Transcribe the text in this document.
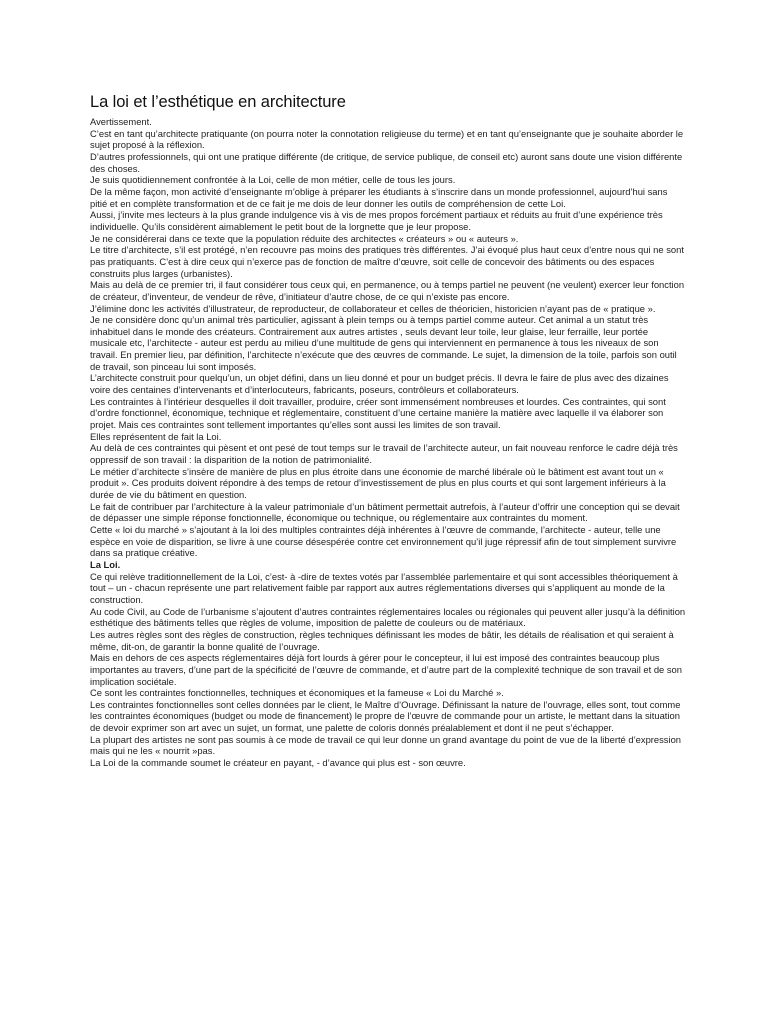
La loi et l’esthétique en architecture

Avertissement.

C’est en tant qu’architecte pratiquante (on pourra noter la connotation religieuse du terme) et en tant qu’enseignante que je souhaite aborder le sujet proposé à la réflexion.

D’autres professionnels, qui ont une pratique différente (de critique, de service publique, de conseil etc) auront sans doute une vision différente des choses.

Je suis quotidiennement confrontée à la Loi, celle de mon métier, celle de tous les jours.

De la même façon, mon activité d’enseignante m’oblige à préparer les étudiants à s’inscrire dans un monde professionnel, aujourd’hui sans pitié et en complète transformation et de ce fait je me dois de leur donner les outils de compréhension de cette Loi.

Aussi, j’invite mes lecteurs à la plus grande indulgence vis à vis de mes propos forcément partiaux et réduits au fruit d’une expérience très individuelle. Qu’ils considèrent aimablement le petit bout de la lorgnette que je leur propose.

Je ne considérerai dans ce texte que la population réduite des architectes « créateurs » ou « auteurs ».

Le titre d’architecte, s’il est protégé, n’en recouvre pas moins des pratiques très différentes. J’ai évoqué plus haut ceux d’entre nous qui ne sont pas pratiquants. C’est à dire ceux qui n’exerce pas de fonction de maître d’œuvre, soit celle de concevoir des bâtiments ou des espaces construits plus larges (urbanistes).

Mais au delà de ce premier tri, il faut considérer tous ceux qui, en permanence, ou à temps partiel ne peuvent (ne veulent) exercer leur fonction de créateur, d’inventeur, de vendeur de rêve, d’initiateur d’autre chose, de ce qui n’existe pas encore.

J’élimine donc les activités d’illustrateur, de reproducteur, de collaborateur et celles de théoricien, historicien n’ayant pas de « pratique ».

Je ne considère donc qu’un animal très particulier, agissant à plein temps ou à temps partiel comme auteur. Cet animal a un statut très inhabituel dans le monde des créateurs. Contrairement aux autres artistes , seuls devant leur toile, leur glaise, leur ferraille, leur portée musicale etc, l’architecte - auteur est perdu au milieu d’une multitude de gens qui interviennent en permanence à tous les niveaux de son travail. En premier lieu, par définition, l’architecte n’exécute que des œuvres de commande. Le sujet, la dimension de la toile, parfois son outil de travail, son pinceau lui sont imposés.

L’architecte construit pour quelqu’un, un objet défini, dans un lieu donné et pour un budget précis. Il devra le faire de plus avec des dizaines voire des centaines d’intervenants et d’interlocuteurs, fabricants, poseurs, contrôleurs et collaborateurs.

Les contraintes à l’intérieur desquelles il doit travailler, produire, créer sont immensément nombreuses et lourdes. Ces contraintes, qui sont d’ordre fonctionnel, économique, technique et réglementaire, constituent d’une certaine manière la matière avec laquelle il va élaborer son projet. Mais ces contraintes sont tellement importantes qu’elles sont aussi les limites de son travail.

Elles représentent de fait la Loi.

Au delà de ces contraintes qui pèsent et ont pesé de tout temps sur le travail de l’architecte auteur, un fait nouveau renforce le cadre déjà très oppressif de son travail : la disparition de la notion de patrimonialité.

Le métier d’architecte s’insère de manière de plus en plus étroite dans une économie de marché libérale où le bâtiment est avant tout un « produit ». Ces produits doivent répondre à des temps de retour d’investissement de plus en plus courts et qui sont largement inférieurs à la durée de vie du bâtiment en question.

Le fait de contribuer par l’architecture à la valeur patrimoniale d’un bâtiment permettait autrefois, à l’auteur d’offrir une conception qui se devait de dépasser une simple réponse fonctionnelle, économique ou technique, ou réglementaire aux contraintes du moment.

Cette « loi du marché » s’ajoutant à la loi des multiples contraintes déjà inhérentes à l’œuvre de commande, l’architecte - auteur, telle une espèce en voie de disparition, se livre à une course désespérée contre cet environnement qu’il juge répressif afin de tout simplement survivre dans sa pratique créative.

La Loi.

Ce qui relève traditionnellement de la Loi, c’est- à -dire de textes votés par l’assemblée parlementaire et qui sont accessibles théoriquement à tout – un - chacun représente une part relativement faible par rapport aux autres réglementations diverses qui s’appliquent au monde de la construction.

Au code Civil, au Code de l’urbanisme s’ajoutent d’autres contraintes réglementaires locales ou régionales qui peuvent aller jusqu’à la définition esthétique des bâtiments telles que règles de volume, imposition de palette de couleurs ou de matériaux.

Les autres règles sont des règles de construction, règles techniques définissant les modes de bâtir, les détails de réalisation et qui seraient à même, dit-on, de garantir la bonne qualité de l’ouvrage.

Mais en dehors de ces aspects réglementaires déjà fort lourds à gérer pour le concepteur, il lui est imposé des contraintes beaucoup plus importantes au travers, d’une part de la spécificité de l’œuvre de commande, et d’autre part de la complexité technique de son travail et de son implication sociétale.

Ce sont les contraintes fonctionnelles, techniques et économiques et la fameuse « Loi du Marché ».

Les contraintes fonctionnelles sont celles données par le client, le Maître d’Ouvrage. Définissant la nature de l’ouvrage, elles sont, tout comme les contraintes économiques (budget ou mode de financement) le propre de l’œuvre de commande pour un artiste, le mettant dans la situation de devoir exprimer son art avec un sujet, un format, une palette de coloris donnés préalablement et dont il ne peut s’échapper.

La plupart des artistes ne sont pas soumis à ce mode de travail ce qui leur donne un grand avantage du point de vue de la liberté d’expression mais qui ne les « nourrit »pas.

La Loi de la commande soumet le créateur en payant, - d’avance qui plus est - son œuvre.
